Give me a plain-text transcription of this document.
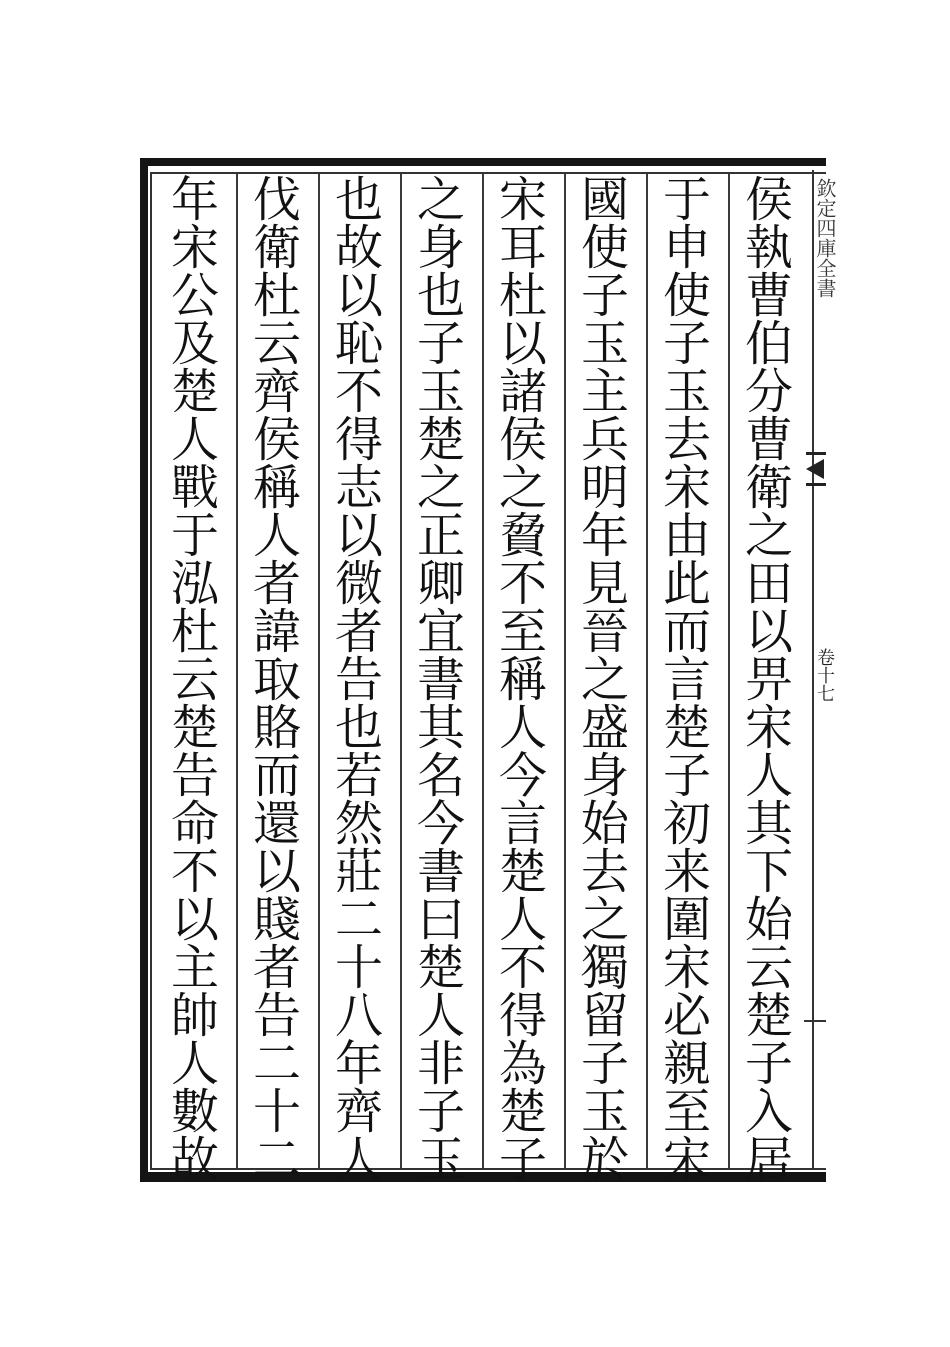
欽定四庫全書
卷十七
侯
執
曹
伯
分
曹
衛
之
田
以
畀
宋
人
其
下
始
云
楚
子
入
居
于
申
使
子
玉
去
宋
由
此
而
言
楚
子
初
来
圍
宋
必
親
至
宋
國
使
子
玉
主
兵
明
年
見
晉
之
盛
身
始
去
之
獨
留
子
玉
於
宋
耳
杜
以
諸
侯
之
䝱
不
至
稱
人
今
言
楚
人
不
得
為
楚
子
之
身
也
子
玉
楚
之
正
卿
宜
書
其
名
今
書
曰
楚
人
非
子
玉
也
故
以
恥
不
得
志
以
微
者
告
也
若
然
莊
二
十
八
年
齊
人
伐
衛
杜
云
齊
侯
稱
人
者
諱
取
賂
而
還
以
賤
者
告
二
十
二
年
宋
公
及
楚
人
戰
于
泓
杜
云
楚
告
命
不
以
主
帥
人
數
故
